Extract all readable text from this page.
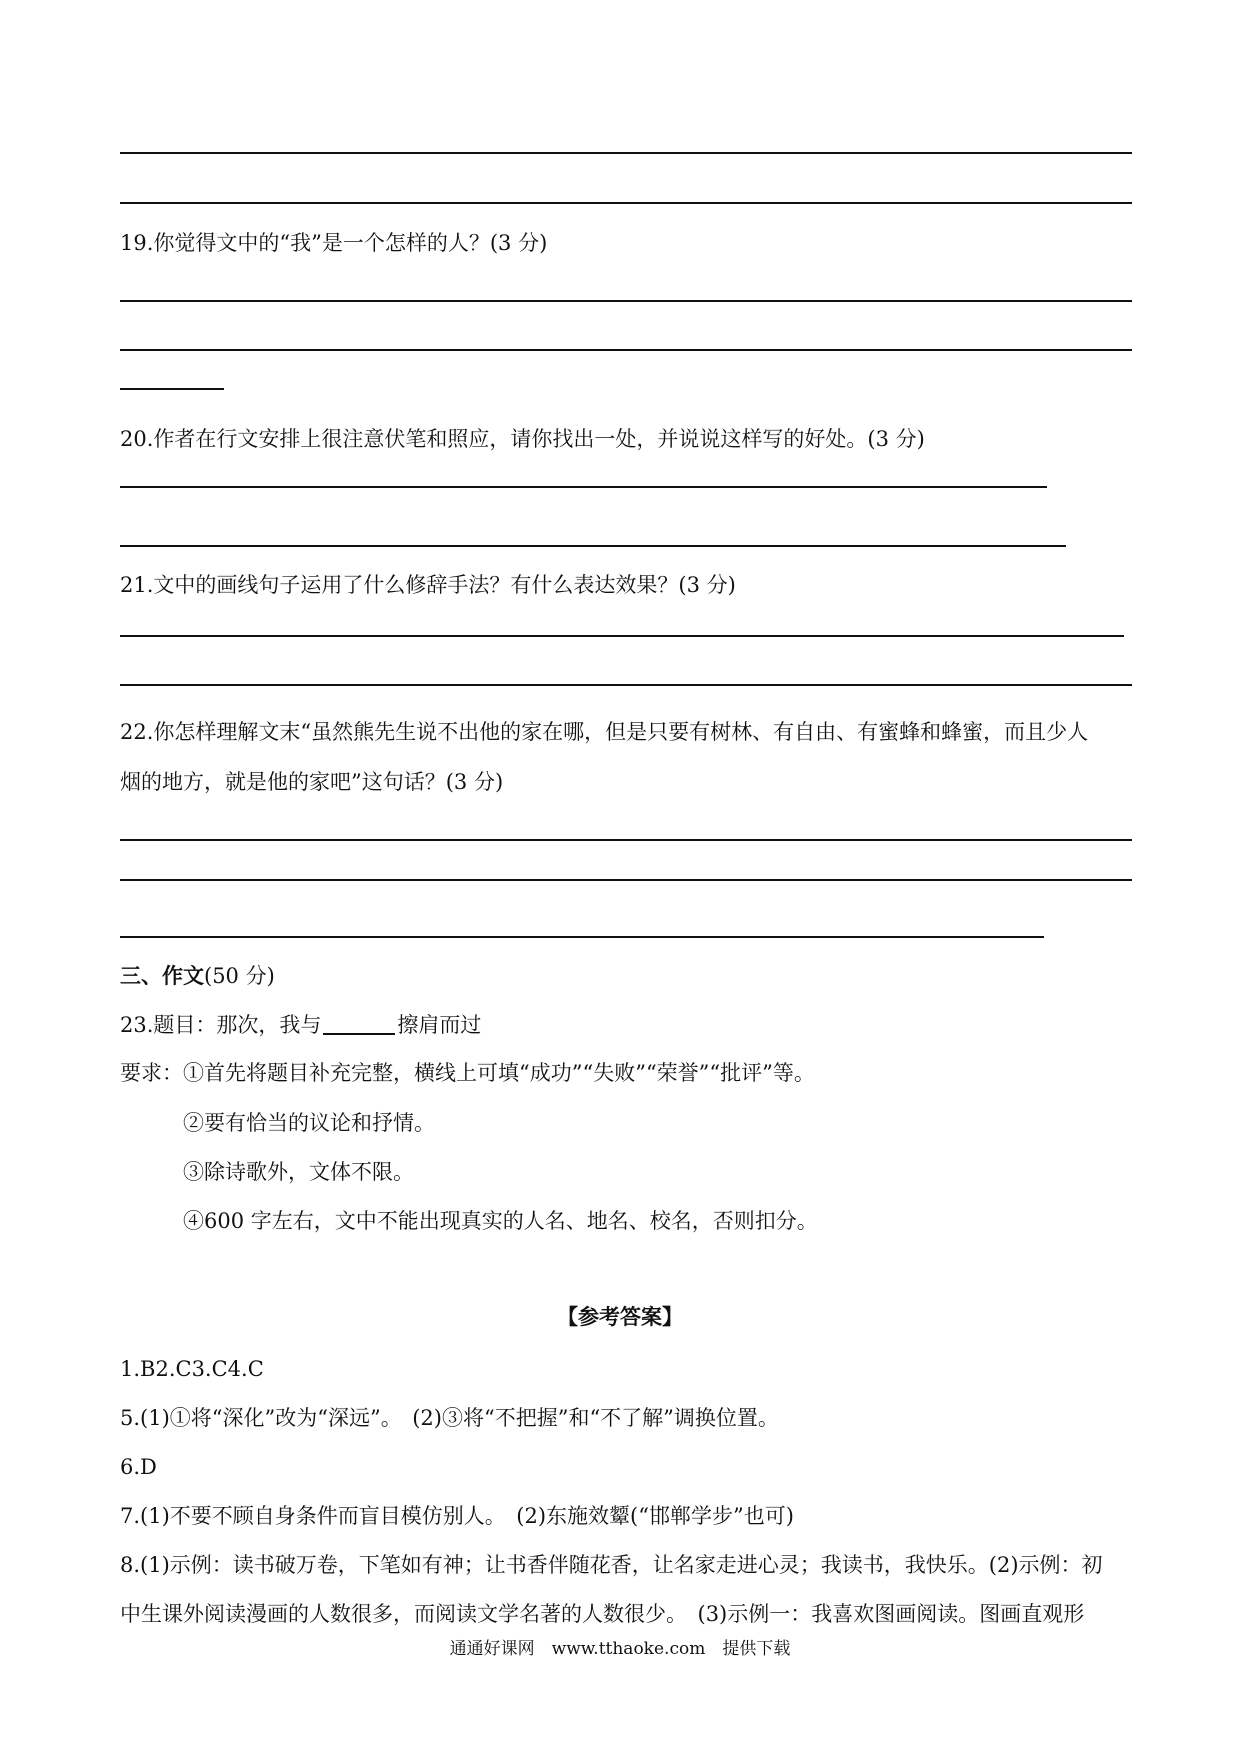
19.你觉得文中的“我”是一个怎样的人？(3 分)
20.作者在行文安排上很注意伏笔和照应，请你找出一处，并说说这样写的好处。(3 分)
21.文中的画线句子运用了什么修辞手法？有什么表达效果？(3 分)
22.你怎样理解文末“虽然熊先生说不出他的家在哪，但是只要有树林、有自由、有蜜蜂和蜂蜜，而且少人
烟的地方，就是他的家吧”这句话？(3 分)
三、作文(50 分)
23.题目：那次，我与	擦肩而过
要求：①首先将题目补充完整，横线上可填“成功”“失败”“荣誉”“批评”等。
②要有恰当的议论和抒情。
③除诗歌外，文体不限。
④600 字左右，文中不能出现真实的人名、地名、校名，否则扣分。
【参考答案】
1.B2.C3.C4.C
5.(1)①将“深化”改为“深远”。　(2)③将“不把握”和“不了解”调换位置。
6.D
7.(1)不要不顾自身条件而盲目模仿别人。　(2)东施效颦(“邯郸学步”也可)
8.(1)示例：读书破万卷，下笔如有神；让书香伴随花香，让名家走进心灵；我读书，我快乐。(2)示例：初
中生课外阅读漫画的人数很多，而阅读文学名著的人数很少。　(3)示例一：我喜欢图画阅读。图画直观形
通通好课网　www.tthaoke.com　提供下载
